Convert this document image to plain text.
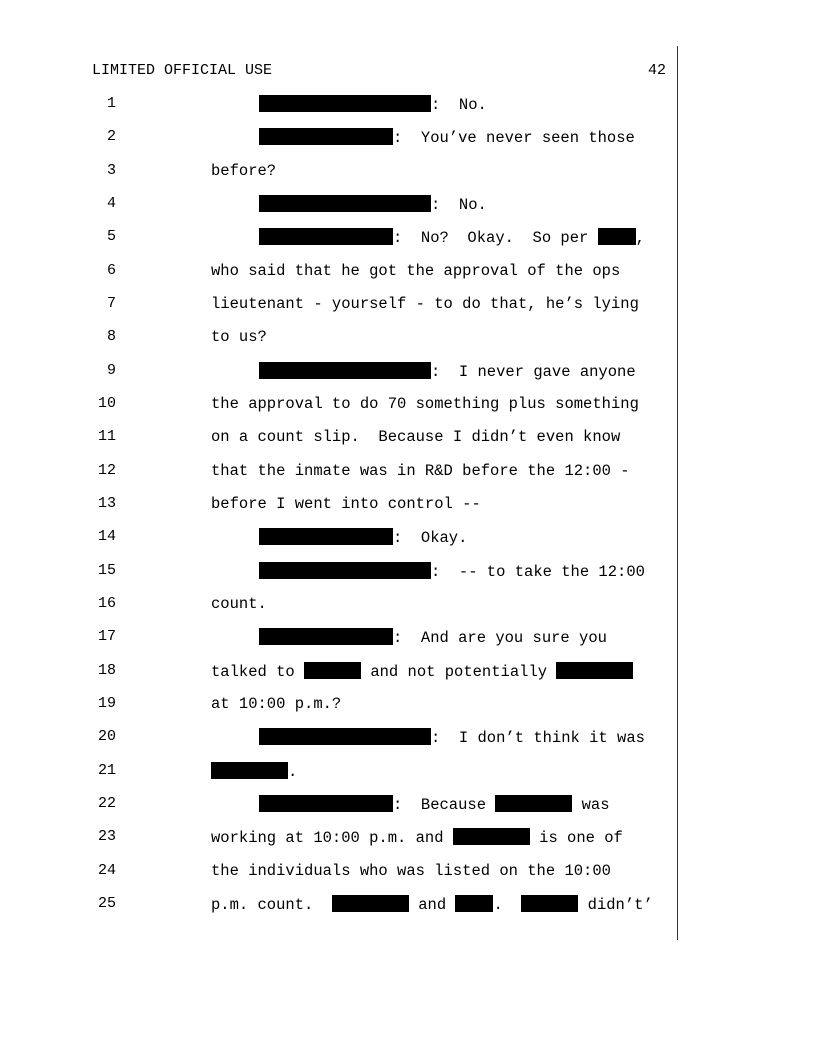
LIMITED OFFICIAL USE	42
1
2
3
4
5
6
7
8
9
10
11
12
13
14
15
16
17
18
19
20
21
22
23
24
25
:  No.
:  You’ve never seen those
before?
:  No.
:  No?  Okay.  So per ,
who said that he got the approval of the ops
lieutenant - yourself - to do that, he’s lying
to us?
:  I never gave anyone
the approval to do 70 something plus something
on a count slip.  Because I didn’t even know
that the inmate was in R&D before the 12:00 -
before I went into control --
:  Okay.
:  -- to take the 12:00
count.
:  And are you sure you
talked to	and not potentially
at 10:00 p.m.?
:  I don’t think it was
.
:  Because	was
working at 10:00 p.m. and	is one of
the individuals who was listed on the 10:00
p.m. count.	and .	didn’t’
